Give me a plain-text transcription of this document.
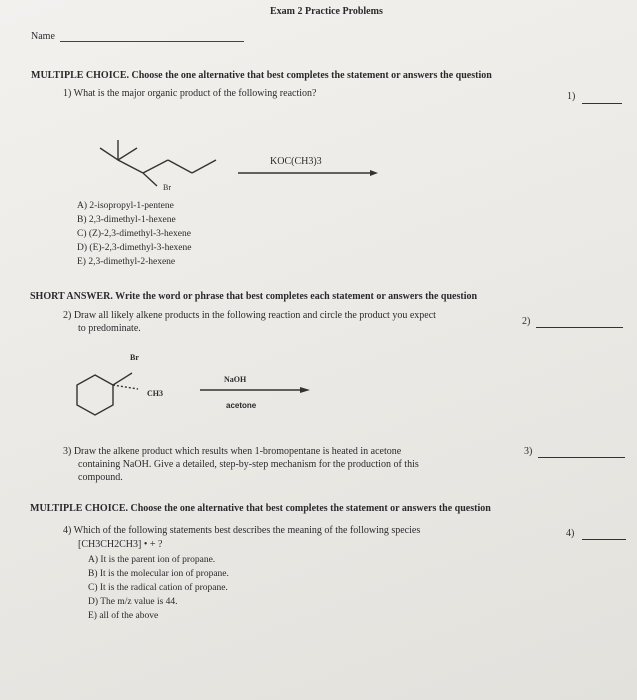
Exam 2 Practice Problems
Name
MULTIPLE CHOICE. Choose the one alternative that best completes the statement or answers the question
1) What is the major organic product of the following reaction?	1)
Br
KOC(CH3)3
A) 2-isopropyl-1-pentene
B) 2,3-dimethyl-1-hexene
C) (Z)-2,3-dimethyl-3-hexene
D) (E)-2,3-dimethyl-3-hexene
E) 2,3-dimethyl-2-hexene
SHORT ANSWER. Write the word or phrase that best completes each statement or answers the question
2) Draw all likely alkene products in the following reaction and circle the product you expect
to predominate.
2)
Br
CH3
NaOH
acetone
3) Draw the alkene product which results when 1-bromopentane is heated in acetone
containing NaOH. Give a detailed, step-by-step mechanism for the production of this
compound.
3)
MULTIPLE CHOICE. Choose the one alternative that best completes the statement or answers the question
4) Which of the following statements best describes the meaning of the following species
[CH3CH2CH3] • + ?
4)
A) It is the parent ion of propane.
B) It is the molecular ion of propane.
C) It is the radical cation of propane.
D) The m/z value is 44.
E) all of the above
